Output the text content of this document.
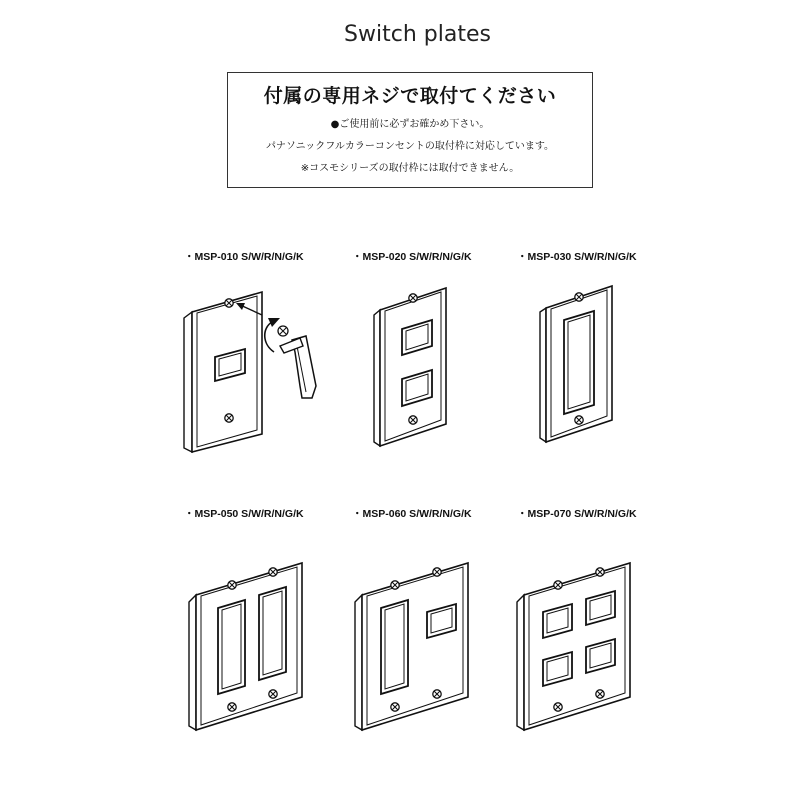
Switch plates
付属の専用ネジで取付てください
●ご使用前に必ずお確かめ下さい。
パナソニックフルカラーコンセントの取付枠に対応しています。
※コスモシリーズの取付枠には取付できません。
・MSP-010 S/W/R/N/G/K	・MSP-020 S/W/R/N/G/K	・MSP-030 S/W/R/N/G/K
・MSP-050 S/W/R/N/G/K	・MSP-060 S/W/R/N/G/K	・MSP-070 S/W/R/N/G/K
